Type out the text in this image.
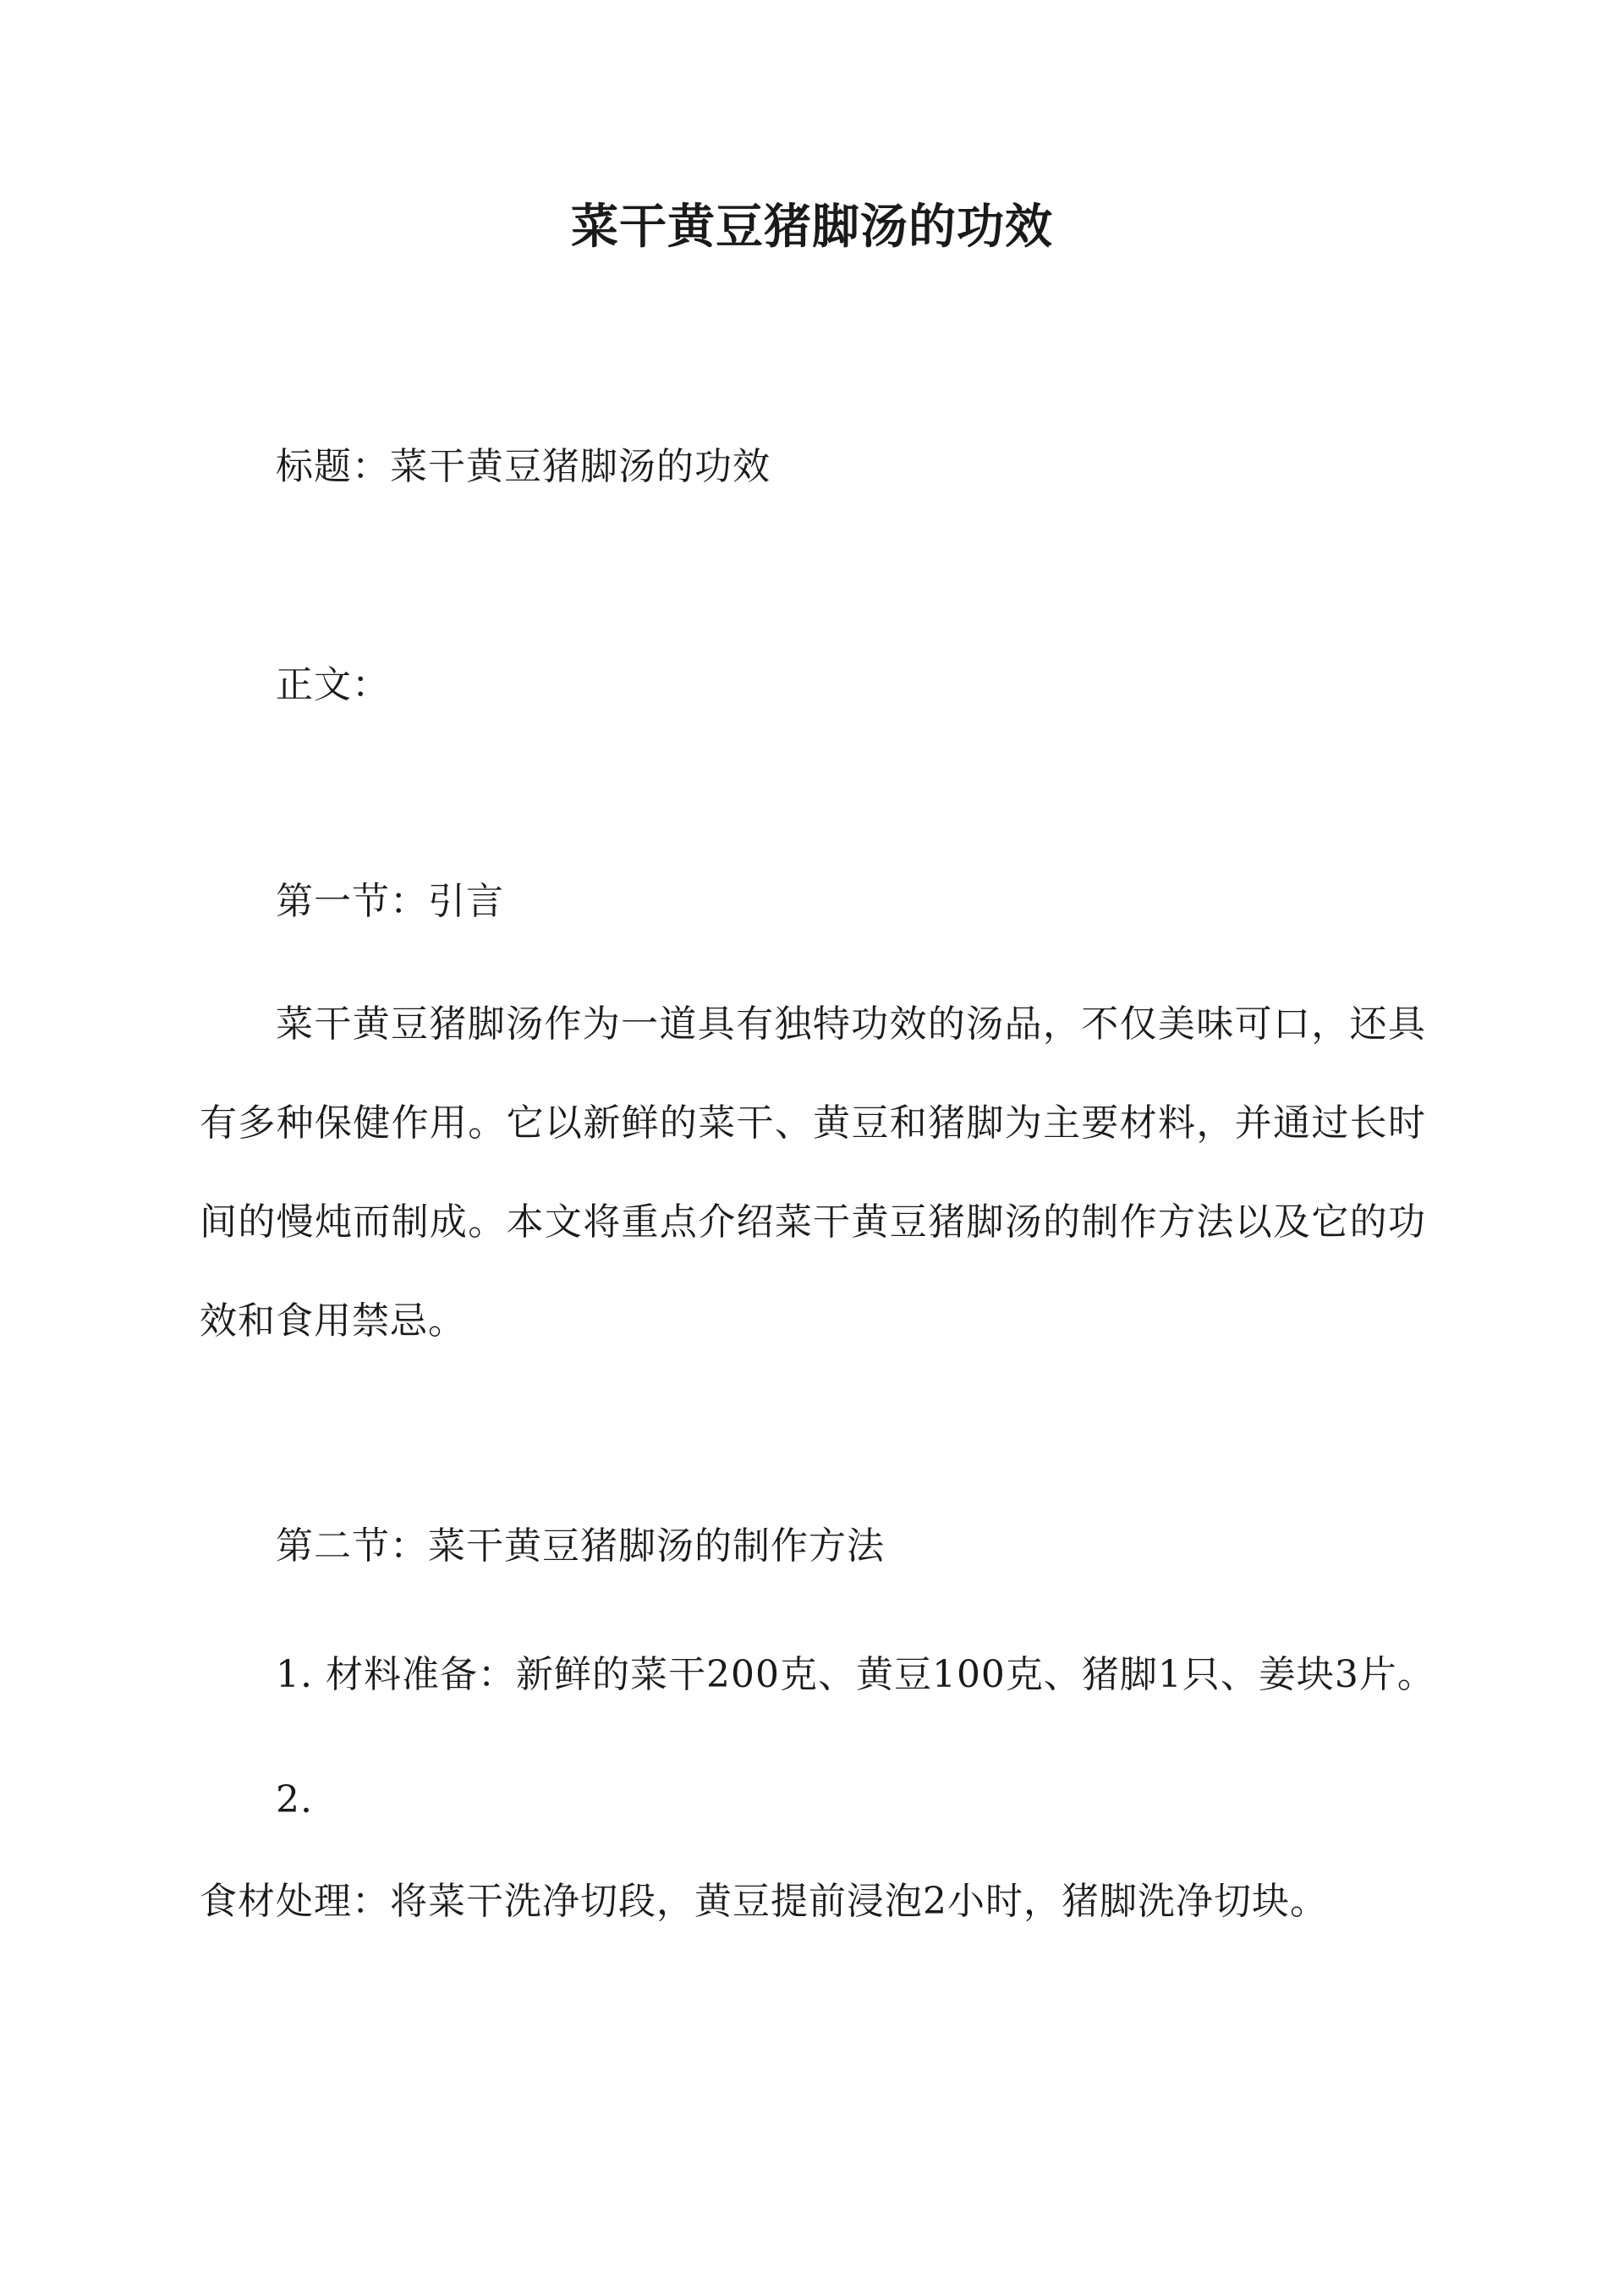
菜干黄豆猪脚汤的功效
标题：菜干黄豆猪脚汤的功效
正文：
第一节：引言
菜干黄豆猪脚汤作为一道具有独特功效的汤品，不仅美味可口，还具有多种保健作用。它以新鲜的菜干、黄豆和猪脚为主要材料，并通过长时间的慢炖而制成。本文将重点介绍菜干黄豆猪脚汤的制作方法以及它的功效和食用禁忌。
第二节：菜干黄豆猪脚汤的制作方法
1. 材料准备：新鲜的菜干200克、黄豆100克、猪脚1只、姜块3片。
2.
食材处理：将菜干洗净切段，黄豆提前浸泡2小时，猪脚洗净切块。
